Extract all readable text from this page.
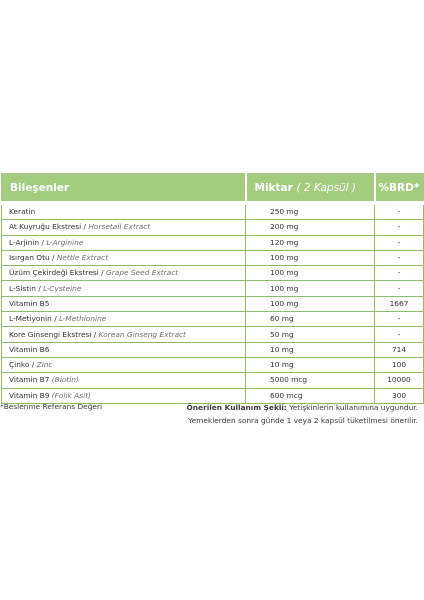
Bileşenler	Miktar ( 2 Kapsül )	%BRD*
Keratin	250 mg	-
At Kuyruğu Ekstresi / Horsetail Extract	200 mg	-
L-Arjinin / L-Arginine	120 mg	-
Isırgan Otu / Nettle Extract	100 mg	-
Üzüm Çekirdeği Ekstresi / Grape Seed Extract	100 mg	-
L-Sistin / L-Cysteine	100 mg	-
Vitamin B5	100 mg	1667
L-Metiyonin / L-Methionine	60 mg	-
Kore Ginsengi Ekstresi / Korean Ginseng Extract	50 mg	-
Vitamin B6	10 mg	714
Çinko / Zinc	10 mg	100
Vitamin B7 (Biotin)	5000 mcg	10000
Vitamin B9 (Folik Asit)	600 mcg	300
*Beslenme Referans Değeri	Önerilen Kullanım Şekli: Yetişkinlerin kullanımına uygundur.
Yemeklerden sonra günde 1 veya 2 kapsül tüketilmesi önerilir.
